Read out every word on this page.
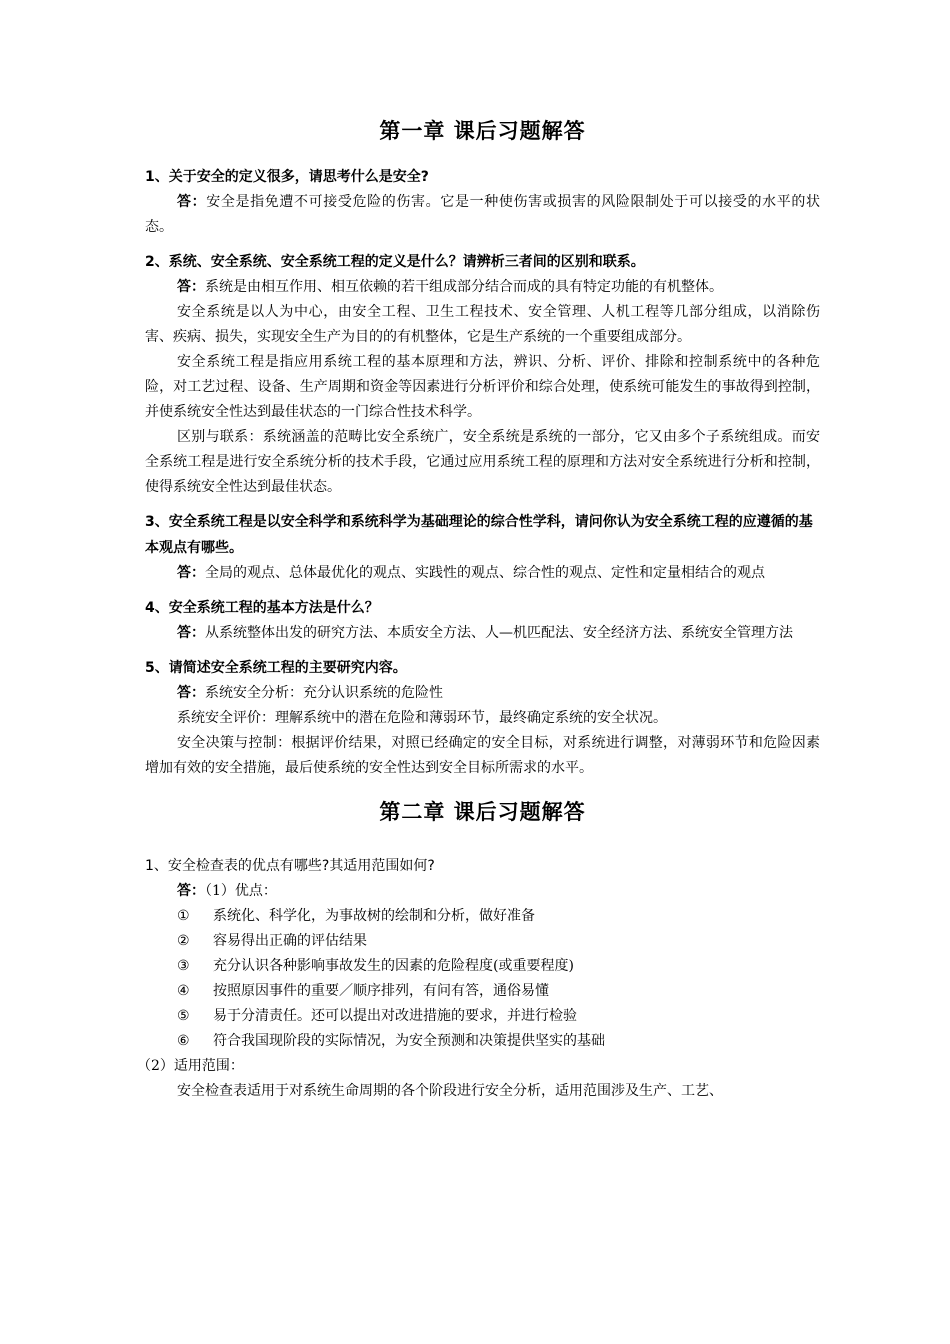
第一章 课后习题解答

1、关于安全的定义很多，请思考什么是安全?

答：安全是指免遭不可接受危险的伤害。它是一种使伤害或损害的风险限制处于可以接受的水平的状态。

2、系统、安全系统、安全系统工程的定义是什么？请辨析三者间的区别和联系。

答：系统是由相互作用、相互依赖的若干组成部分结合而成的具有特定功能的有机整体。

安全系统是以人为中心，由安全工程、卫生工程技术、安全管理、人机工程等几部分组成，以消除伤害、疾病、损失，实现安全生产为目的的有机整体，它是生产系统的一个重要组成部分。

安全系统工程是指应用系统工程的基本原理和方法，辨识、分析、评价、排除和控制系统中的各种危险，对工艺过程、设备、生产周期和资金等因素进行分析评价和综合处理，使系统可能发生的事故得到控制，并使系统安全性达到最佳状态的一门综合性技术科学。

区别与联系：系统涵盖的范畴比安全系统广，安全系统是系统的一部分，它又由多个子系统组成。而安全系统工程是进行安全系统分析的技术手段，它通过应用系统工程的原理和方法对安全系统进行分析和控制，使得系统安全性达到最佳状态。

3、安全系统工程是以安全科学和系统科学为基础理论的综合性学科，请问你认为安全系统工程的应遵循的基本观点有哪些。

答：全局的观点、总体最优化的观点、实践性的观点、综合性的观点、定性和定量相结合的观点

4、安全系统工程的基本方法是什么？

答：从系统整体出发的研究方法、本质安全方法、人—机匹配法、安全经济方法、系统安全管理方法

5、请简述安全系统工程的主要研究内容。

答：系统安全分析：充分认识系统的危险性

系统安全评价：理解系统中的潜在危险和薄弱环节，最终确定系统的安全状况。

安全决策与控制：根据评价结果，对照已经确定的安全目标，对系统进行调整，对薄弱环节和危险因素增加有效的安全措施，最后使系统的安全性达到安全目标所需求的水平。

第二章 课后习题解答

1、安全检查表的优点有哪些?其适用范围如何?

答：（1）优点：

① 系统化、科学化，为事故树的绘制和分析，做好准备

② 容易得出正确的评估结果

③ 充分认识各种影响事故发生的因素的危险程度(或重要程度)

④ 按照原因事件的重要／顺序排列，有问有答，通俗易懂

⑤ 易于分清责任。还可以提出对改进措施的要求，并进行检验

⑥ 符合我国现阶段的实际情况，为安全预测和决策提供坚实的基础

（2）适用范围：

安全检查表适用于对系统生命周期的各个阶段进行安全分析，适用范围涉及生产、工艺、
